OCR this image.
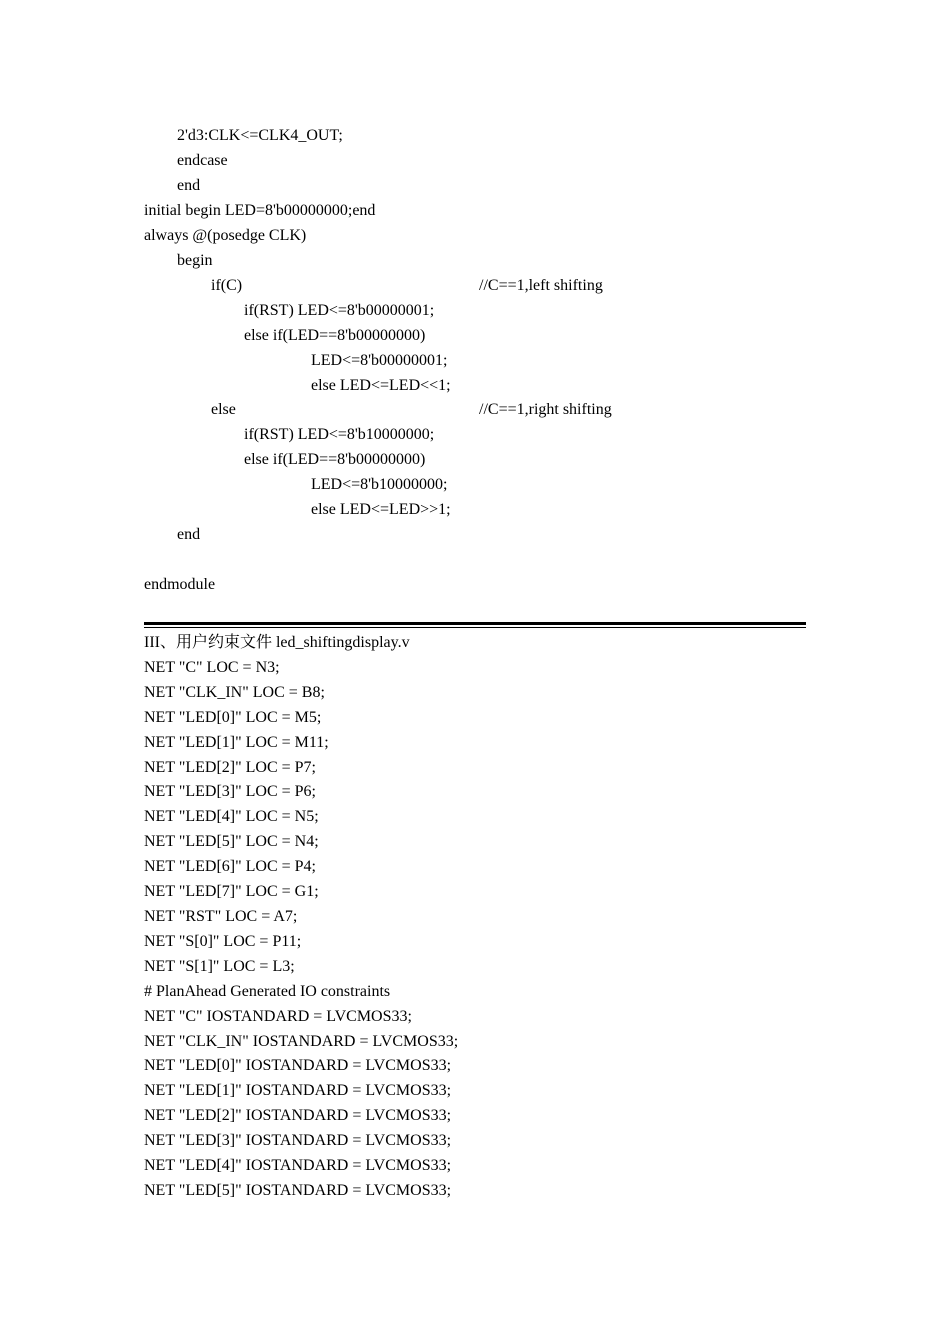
2'd3:CLK<=CLK4_OUT;
endcase
end
initial begin LED=8'b00000000;end
always @(posedge CLK)
begin
if(C)	//C==1,left shifting
if(RST) LED<=8'b00000001;
else if(LED==8'b00000000)
LED<=8'b00000001;
else LED<=LED<<1;
else	//C==1,right shifting
if(RST) LED<=8'b10000000;
else if(LED==8'b00000000)
LED<=8'b10000000;
else LED<=LED>>1;
end
endmodule
III、用户约束文件 led_shiftingdisplay.v
NET "C" LOC = N3;
NET "CLK_IN" LOC = B8;
NET "LED[0]" LOC = M5;
NET "LED[1]" LOC = M11;
NET "LED[2]" LOC = P7;
NET "LED[3]" LOC = P6;
NET "LED[4]" LOC = N5;
NET "LED[5]" LOC = N4;
NET "LED[6]" LOC = P4;
NET "LED[7]" LOC = G1;
NET "RST" LOC = A7;
NET "S[0]" LOC = P11;
NET "S[1]" LOC = L3;
# PlanAhead Generated IO constraints
NET "C" IOSTANDARD = LVCMOS33;
NET "CLK_IN" IOSTANDARD = LVCMOS33;
NET "LED[0]" IOSTANDARD = LVCMOS33;
NET "LED[1]" IOSTANDARD = LVCMOS33;
NET "LED[2]" IOSTANDARD = LVCMOS33;
NET "LED[3]" IOSTANDARD = LVCMOS33;
NET "LED[4]" IOSTANDARD = LVCMOS33;
NET "LED[5]" IOSTANDARD = LVCMOS33;
